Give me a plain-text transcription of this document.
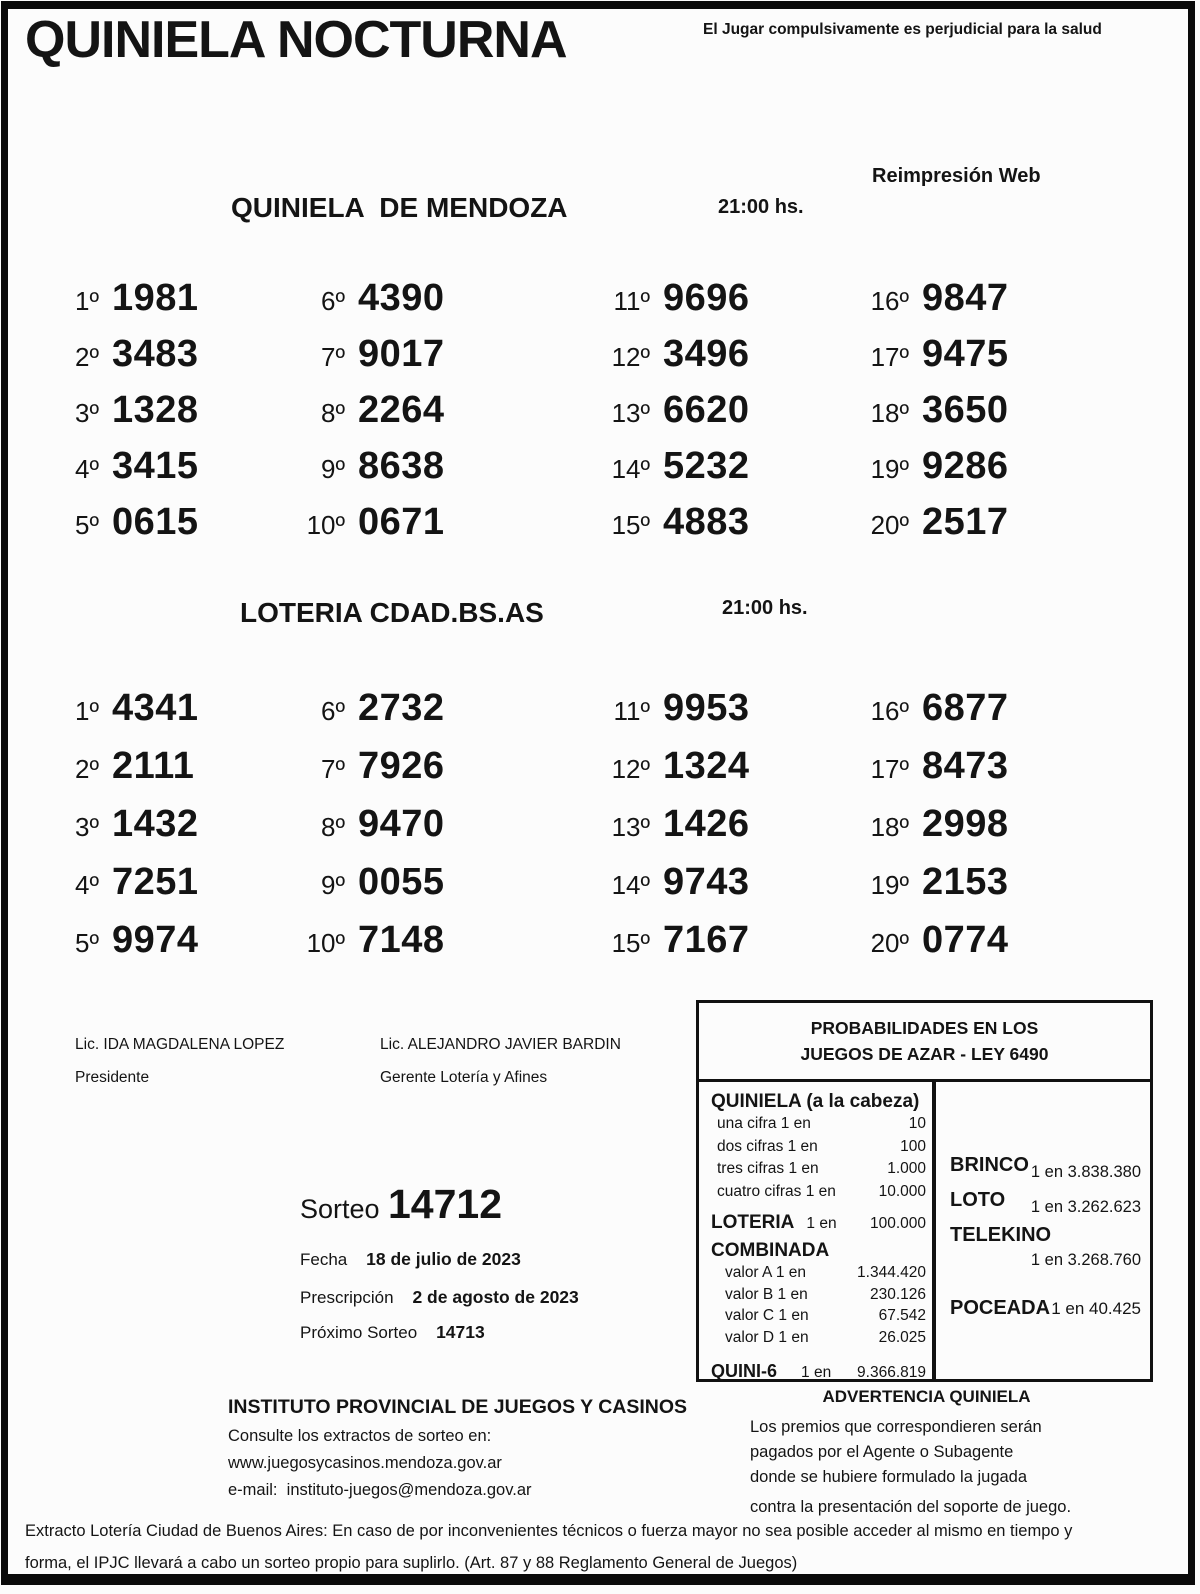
QUINIELA NOCTURNA	El Jugar compulsivamente es perjudicial para la salud
Reimpresión Web
QUINIELA  DE MENDOZA	21:00 hs.
1º 1981	6º 4390	11º 9696	16º 9847
2º 3483	7º 9017	12º 3496	17º 9475
3º 1328	8º 2264	13º 6620	18º 3650
4º 3415	9º 8638	14º 5232	19º 9286
5º 0615	10º 0671	15º 4883	20º 2517
LOTERIA CDAD.BS.AS	21:00 hs.
1º 4341	6º 2732	11º 9953	16º 6877
2º 2111	7º 7926	12º 1324	17º 8473
3º 1432	8º 9470	13º 1426	18º 2998
4º 7251	9º 0055	14º 9743	19º 2153
5º 9974	10º 7148	15º 7167	20º 0774
Lic. IDA MAGDALENA LOPEZ
Presidente
Lic. ALEJANDRO JAVIER BARDIN
Gerente Lotería y Afines
Sorteo 14712
Fecha 18 de julio de 2023
Prescripción 2 de agosto de 2023
Próximo Sorteo 14713
PROBABILIDADES EN LOS
JUEGOS DE AZAR - LEY 6490
QUINIELA (a la cabeza)
una cifra 1 en	10
dos cifras 1 en	100
tres cifras 1 en	1.000
cuatro cifras 1 en	10.000
LOTERIA 1 en 100.000
COMBINADA
valor A 1 en	1.344.420
valor B 1 en	230.126
valor C 1 en	67.542
valor D 1 en	26.025
QUINI-6 1 en 9.366.819
BRINCO 1 en 3.838.380
LOTO 1 en 3.262.623
TELEKINO
1 en 3.268.760
POCEADA 1 en 40.425
ADVERTENCIA QUINIELA
Los premios que correspondieren serán
pagados por el Agente o Subagente
donde se hubiere formulado la jugada
contra la presentación del soporte de juego.
INSTITUTO PROVINCIAL DE JUEGOS Y CASINOS
Consulte los extractos de sorteo en:
www.juegosycasinos.mendoza.gov.ar
e-mail:  instituto-juegos@mendoza.gov.ar
Extracto Lotería Ciudad de Buenos Aires: En caso de por inconvenientes técnicos o fuerza mayor no sea posible acceder al mismo en tiempo y
forma, el IPJC llevará a cabo un sorteo propio para suplirlo. (Art. 87 y 88 Reglamento General de Juegos)
